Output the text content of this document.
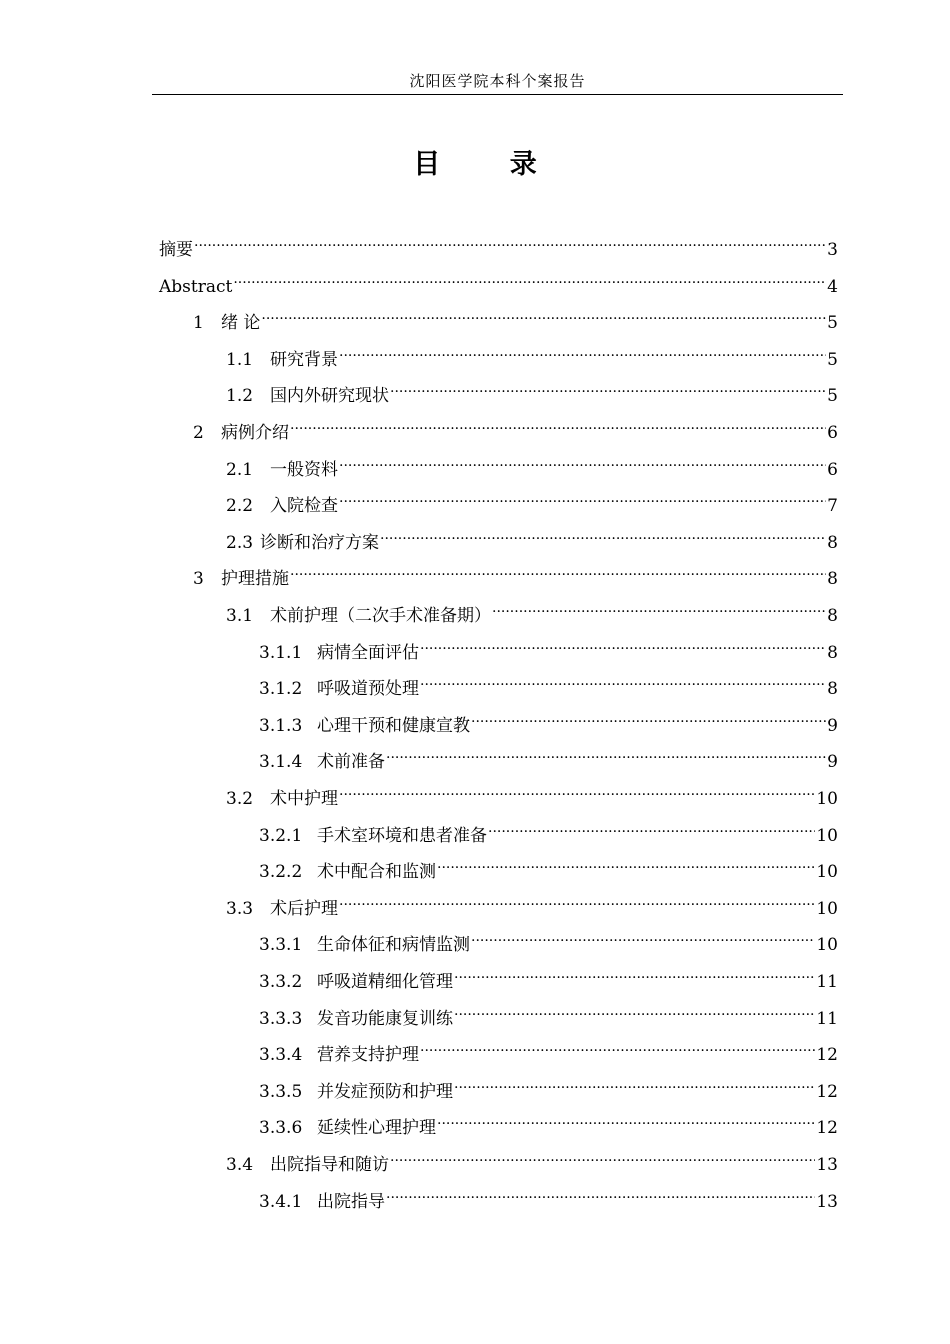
沈阳医学院本科个案报告
目 录
摘要 .....	3
Abstract .....	4
1	绪 论 .....	5
1.1 研究背景 .....	5
1.2 国内外研究现状 .....	5
2	病例介绍 .....	6
2.1 一般资料 .....	6
2.2 入院检查 .....	7
2.3 诊断和治疗方案 .....	8
3	护理措施 .....	8
3.1 术前护理（二次手术准备期） .....	8
3.1.1 病情全面评估 .....	8
3.1.2 呼吸道预处理 .....	8
3.1.3 心理干预和健康宣教 .....	9
3.1.4 术前准备 .....	9
3.2 术中护理 .....	10
3.2.1 手术室环境和患者准备 .....	10
3.2.2 术中配合和监测 .....	10
3.3 术后护理 .....	10
3.3.1 生命体征和病情监测 .....	10
3.3.2 呼吸道精细化管理 .....	11
3.3.3 发音功能康复训练 .....	11
3.3.4 营养支持护理 .....	12
3.3.5 并发症预防和护理 .....	12
3.3.6 延续性心理护理 .....	12
3.4 出院指导和随访 .....	13
3.4.1 出院指导 .....	13
